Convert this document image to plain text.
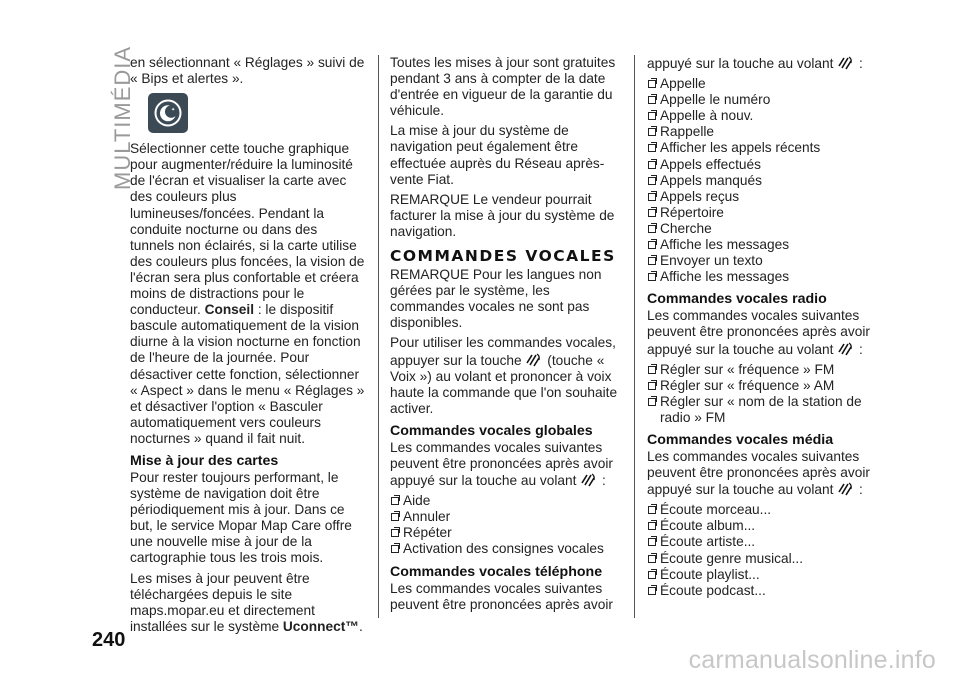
MULTIMÉDIA
240

en sélectionnant « Réglages » suivi de « Bips et alertes ».

✦

Sélectionner cette touche graphique pour augmenter/réduire la luminosité de l'écran et visualiser la carte avec des couleurs plus lumineuses/foncées. Pendant la conduite nocturne ou dans des tunnels non éclairés, si la carte utilise des couleurs plus foncées, la vision de l'écran sera plus confortable et créera moins de distractions pour le conducteur. Conseil : le dispositif bascule automatiquement de la vision diurne à la vision nocturne en fonction de l'heure de la journée. Pour désactiver cette fonction, sélectionner « Aspect » dans le menu « Réglages » et désactiver l'option « Basculer automatiquement vers couleurs nocturnes » quand il fait nuit.

Mise à jour des cartes

Pour rester toujours performant, le système de navigation doit être périodiquement mis à jour. Dans ce but, le service Mopar Map Care offre une nouvelle mise à jour de la cartographie tous les trois mois.

Les mises à jour peuvent être téléchargées depuis le site maps.mopar.eu et directement installées sur le système Uconnect™.

Toutes les mises à jour sont gratuites pendant 3 ans à compter de la date d'entrée en vigueur de la garantie du véhicule.

La mise à jour du système de navigation peut également être effectuée auprès du Réseau après-vente Fiat.

REMARQUE Le vendeur pourrait facturer la mise à jour du système de navigation.

COMMANDES VOCALES

REMARQUE Pour les langues non gérées par le système, les commandes vocales ne sont pas disponibles.

Pour utiliser les commandes vocales, appuyer sur la touche  (touche « Voix ») au volant et prononcer à voix haute la commande que l'on souhaite activer.

Commandes vocales globales

Les commandes vocales suivantes peuvent être prononcées après avoir appuyé sur la touche au volant  :

Aide
Annuler
Répéter
Activation des consignes vocales
Commandes vocales téléphone

Les commandes vocales suivantes peuvent être prononcées après avoir

appuyé sur la touche au volant  :

Appelle
Appelle le numéro
Appelle à nouv.
Rappelle
Afficher les appels récents
Appels effectués
Appels manqués
Appels reçus
Répertoire
Cherche
Affiche les messages
Envoyer un texto
Affiche les messages
Commandes vocales radio

Les commandes vocales suivantes peuvent être prononcées après avoir appuyé sur la touche au volant  :

Régler sur « fréquence » FM
Régler sur « fréquence » AM
Régler sur « nom de la station de radio » FM
Commandes vocales média

Les commandes vocales suivantes peuvent être prononcées après avoir appuyé sur la touche au volant  :

Écoute morceau...
Écoute album...
Écoute artiste...
Écoute genre musical...
Écoute playlist...
Écoute podcast...
carmanualsonline.info
